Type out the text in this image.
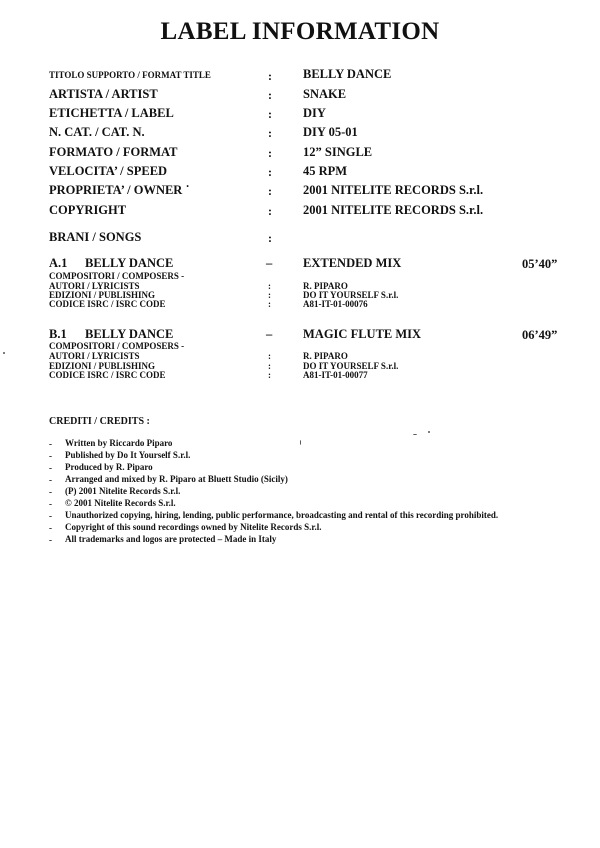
LABEL INFORMATION
TITOLO SUPPORTO / FORMAT TITLE	: BELLY DANCE
ARTISTA / ARTIST	: SNAKE
ETICHETTA / LABEL	: DIY
N. CAT. / CAT. N.	: DIY 05-01
FORMATO / FORMAT	: 12” SINGLE
VELOCITA’ / SPEED	: 45 RPM
PROPRIETA’ / OWNER ˙	: 2001 NITELITE RECORDS S.r.l.
COPYRIGHT	: 2001 NITELITE RECORDS S.r.l.
BRANI / SONGS	:
A.1 BELLY DANCE	– EXTENDED MIX	05’40”
COMPOSITORI / COMPOSERS -
AUTORI / LYRICISTS	:	R. PIPARO
EDIZIONI / PUBLISHING	:	DO IT YOURSELF S.r.l.
CODICE ISRC / ISRC CODE	:	A81-IT-01-00076
B.1 BELLY DANCE	– MAGIC FLUTE MIX	06’49”
COMPOSITORI / COMPOSERS -
AUTORI / LYRICISTS	:	R. PIPARO
EDIZIONI / PUBLISHING	:	DO IT YOURSELF S.r.l.
CODICE ISRC / ISRC CODE	:	A81-IT-01-00077
CREDITI / CREDITS :
- Written by Riccardo Piparo
- Published by Do It Yourself S.r.l.
- Produced by R. Piparo
- Arranged and mixed by R. Piparo at Bluett Studio (Sicily)
- (P) 2001 Nitelite Records S.r.l.
- © 2001 Nitelite Records S.r.l.
- Unauthorized copying, hiring, lending, public performance, broadcasting and rental of this recording prohibited.
- Copyright of this sound recordings owned by Nitelite Records S.r.l.
- All trademarks and logos are protected – Made in Italy
